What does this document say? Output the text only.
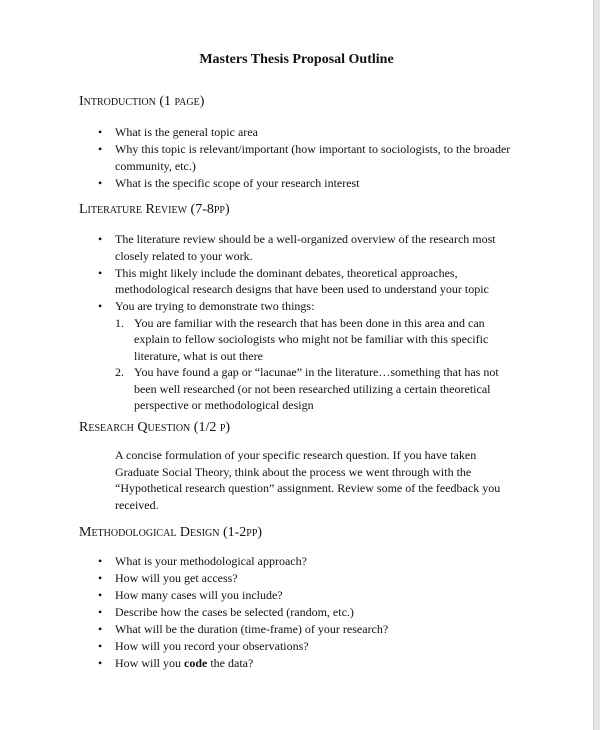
Masters Thesis Proposal Outline
Introduction (1 page)
• What is the general topic area
• Why this topic is relevant/important (how important to sociologists, to the broader community, etc.)
• What is the specific scope of your research interest
Literature Review (7-8pp)
• The literature review should be a well-organized overview of the research most closely related to your work.
• This might likely include the dominant debates, theoretical approaches, methodological research designs that have been used to understand your topic
• You are trying to demonstrate two things:
1. You are familiar with the research that has been done in this area and can explain to fellow sociologists who might not be familiar with this specific literature, what is out there
2. You have found a gap or “lacunae” in the literature…something that has not been well researched (or not been researched utilizing a certain theoretical perspective or methodological design
Research Question (1/2 p)
A concise formulation of your specific research question. If you have taken Graduate Social Theory, think about the process we went through with the “Hypothetical research question” assignment. Review some of the feedback you received.
Methodological Design (1-2pp)
• What is your methodological approach?
• How will you get access?
• How many cases will you include?
• Describe how the cases be selected (random, etc.)
• What will be the duration (time-frame) of your research?
• How will you record your observations?
• How will you code the data?
